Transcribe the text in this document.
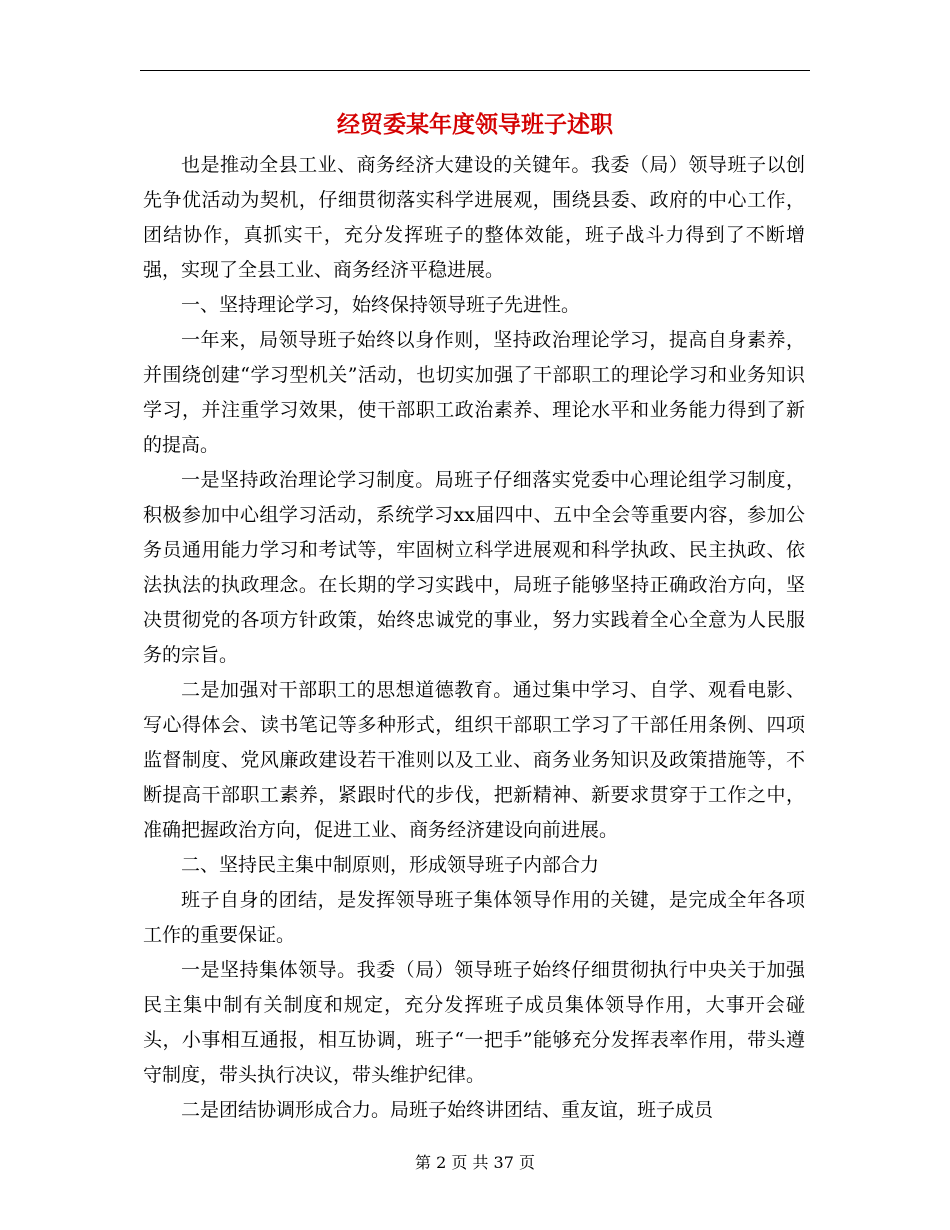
经贸委某年度领导班子述职

也是推动全县工业、商务经济大建设的关键年。我委（局）领导班子以创先争优活动为契机，仔细贯彻落实科学进展观，围绕县委、政府的中心工作，团结协作，真抓实干，充分发挥班子的整体效能，班子战斗力得到了不断增强，实现了全县工业、商务经济平稳进展。

一、坚持理论学习，始终保持领导班子先进性。

一年来，局领导班子始终以身作则，坚持政治理论学习，提高自身素养，并围绕创建“学习型机关”活动，也切实加强了干部职工的理论学习和业务知识学习，并注重学习效果，使干部职工政治素养、理论水平和业务能力得到了新的提高。

一是坚持政治理论学习制度。局班子仔细落实党委中心理论组学习制度，积极参加中心组学习活动，系统学习xx届四中、五中全会等重要内容，参加公务员通用能力学习和考试等，牢固树立科学进展观和科学执政、民主执政、依法执法的执政理念。在长期的学习实践中，局班子能够坚持正确政治方向，坚决贯彻党的各项方针政策，始终忠诚党的事业，努力实践着全心全意为人民服务的宗旨。

二是加强对干部职工的思想道德教育。通过集中学习、自学、观看电影、写心得体会、读书笔记等多种形式，组织干部职工学习了干部任用条例、四项监督制度、党风廉政建设若干准则以及工业、商务业务知识及政策措施等，不断提高干部职工素养，紧跟时代的步伐，把新精神、新要求贯穿于工作之中，准确把握政治方向，促进工业、商务经济建设向前进展。

二、坚持民主集中制原则，形成领导班子内部合力

班子自身的团结，是发挥领导班子集体领导作用的关键，是完成全年各项工作的重要保证。

一是坚持集体领导。我委（局）领导班子始终仔细贯彻执行中央关于加强民主集中制有关制度和规定，充分发挥班子成员集体领导作用，大事开会碰头，小事相互通报，相互协调，班子“一把手”能够充分发挥表率作用，带头遵守制度，带头执行决议，带头维护纪律。

二是团结协调形成合力。局班子始终讲团结、重友谊，班子成员

第 2 页 共 37 页
